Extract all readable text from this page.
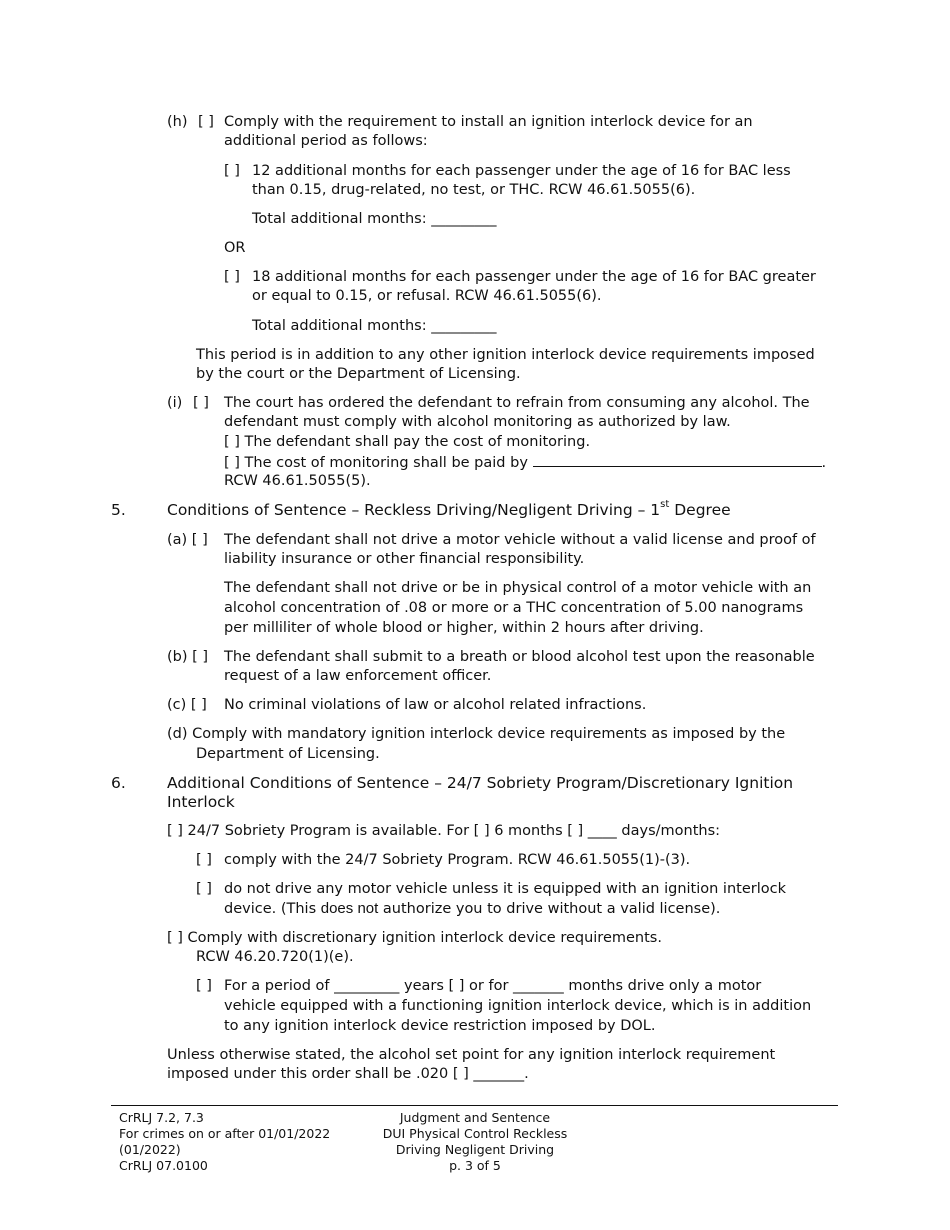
(h) [ ] Comply with the requirement to install an ignition interlock device for an
additional period as follows:
[ ] 12 additional months for each passenger under the age of 16 for BAC less
than 0.15, drug-related, no test, or THC. RCW 46.61.5055(6).
Total additional months: _________
OR
[ ] 18 additional months for each passenger under the age of 16 for BAC greater
or equal to 0.15, or refusal. RCW 46.61.5055(6).
Total additional months: _________
This period is in addition to any other ignition interlock device requirements imposed
by the court or the Department of Licensing.
(i) [ ] The court has ordered the defendant to refrain from consuming any alcohol. The
defendant must comply with alcohol monitoring as authorized by law.
[ ] The defendant shall pay the cost of monitoring.
[ ] The cost of monitoring shall be paid by	.
RCW 46.61.5055(5).
5.	Conditions of Sentence – Reckless Driving/Negligent Driving – 1st Degree
(a) [ ] The defendant shall not drive a motor vehicle without a valid license and proof of
liability insurance or other financial responsibility.
The defendant shall not drive or be in physical control of a motor vehicle with an
alcohol concentration of .08 or more or a THC concentration of 5.00 nanograms
per milliliter of whole blood or higher, within 2 hours after driving.
(b) [ ] The defendant shall submit to a breath or blood alcohol test upon the reasonable
request of a law enforcement officer.
(c) [ ] No criminal violations of law or alcohol related infractions.
(d) Comply with mandatory ignition interlock device requirements as imposed by the
Department of Licensing.
6.	Additional Conditions of Sentence – 24/7 Sobriety Program/Discretionary Ignition
Interlock
[ ] 24/7 Sobriety Program is available. For [ ] 6 months [ ] ____ days/months:
[ ] comply with the 24/7 Sobriety Program. RCW 46.61.5055(1)-(3).
[ ] do not drive any motor vehicle unless it is equipped with an ignition interlock
device. (This does not authorize you to drive without a valid license).
[ ] Comply with discretionary ignition interlock device requirements.
RCW 46.20.720(1)(e).
[ ] For a period of _________ years [ ] or for _______ months drive only a motor
vehicle equipped with a functioning ignition interlock device, which is in addition
to any ignition interlock device restriction imposed by DOL.
Unless otherwise stated, the alcohol set point for any ignition interlock requirement
imposed under this order shall be .020 [ ] _______.
CrRLJ 7.2, 7.3
For crimes on or after 01/01/2022
(01/2022)
CrRLJ 07.0100
Judgment and Sentence
DUI Physical Control Reckless
Driving Negligent Driving
p. 3 of 5
